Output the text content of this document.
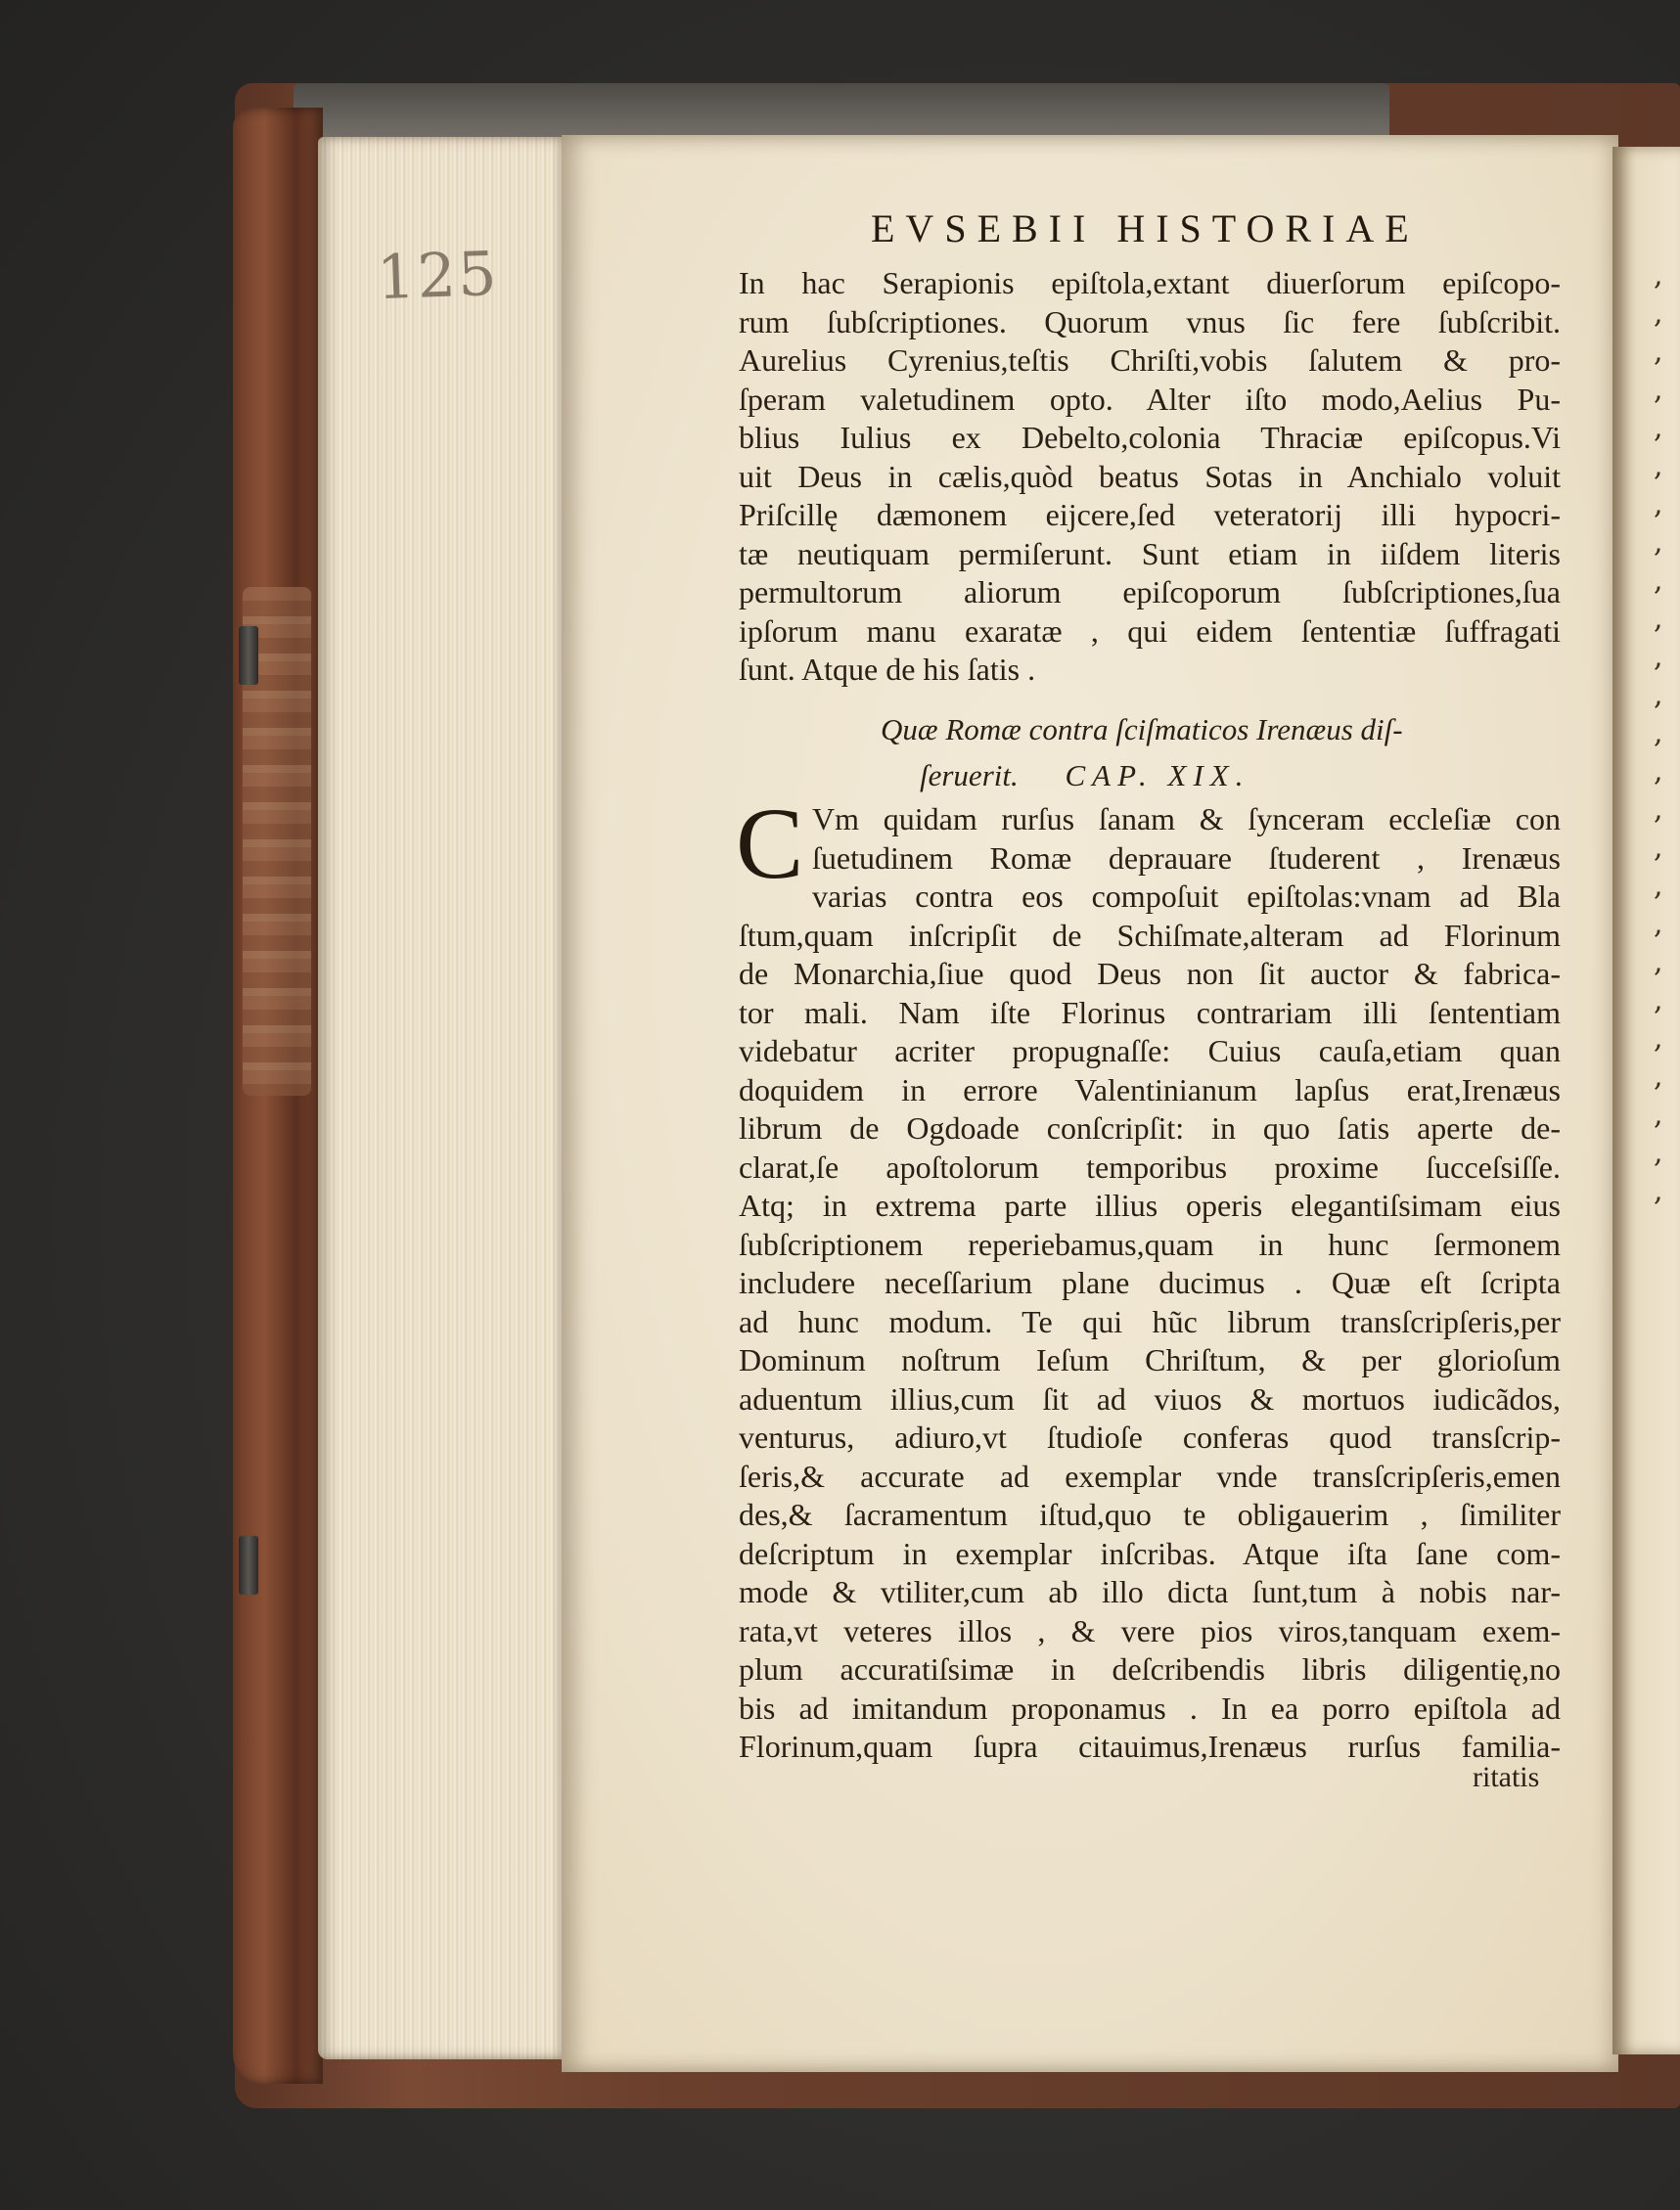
125	,
,
,
,
,
,
,
,
,
,
,
,
,
,
,
,
,
,
,
,
,
,
,
,
,
EVSEBII HISTORIAE
In hac Serapionis epiſtola,extant diuerſorum epiſcopo-
rum ſubſcriptiones. Quorum vnus ſic fere ſubſcribit.
Aurelius Cyrenius,teſtis Chriſti,vobis ſalutem & pro-
ſperam valetudinem opto. Alter iſto modo,Aelius Pu-
blius Iulius ex Debelto,colonia Thraciæ epiſcopus.Vi
uit Deus in cælis,quòd beatus Sotas in Anchialo voluit
Priſcillę dæmonem eijcere,ſed veteratorij illi hypocri-
tæ neutiquam permiſerunt. Sunt etiam in iiſdem literis
permultorum aliorum epiſcoporum ſubſcriptiones,ſua
ipſorum manu exaratæ , qui eidem ſententiæ ſuffragati
ſunt. Atque de his ſatis .
Quæ Romæ contra ſciſmaticos Irenæus diſ-
ſeruerit. CAP. XIX.
C Vm quidam rurſus ſanam & ſynceram eccleſiæ con
ſuetudinem Romæ deprauare ſtuderent , Irenæus
varias contra eos compoſuit epiſtolas:vnam ad Bla
ſtum,quam inſcripſit de Schiſmate,alteram ad Florinum
de Monarchia,ſiue quod Deus non ſit auctor & fabrica-
tor mali. Nam iſte Florinus contrariam illi ſententiam
videbatur acriter propugnaſſe: Cuius cauſa,etiam quan
doquidem in errore Valentinianum lapſus erat,Irenæus
librum de Ogdoade conſcripſit: in quo ſatis aperte de-
clarat,ſe apoſtolorum temporibus proxime ſucceſsiſſe.
Atq; in extrema parte illius operis elegantiſsimam eius
ſubſcriptionem reperiebamus,quam in hunc ſermonem
includere neceſſarium plane ducimus . Quæ eſt ſcripta
ad hunc modum. Te qui hũc librum transſcripſeris,per
Dominum noſtrum Ieſum Chriſtum, & per glorioſum
aduentum illius,cum ſit ad viuos & mortuos iudicãdos,
venturus, adiuro,vt ſtudioſe conferas quod transſcrip-
ſeris,& accurate ad exemplar vnde transſcripſeris,emen
des,& ſacramentum iſtud,quo te obligauerim , ſimiliter
deſcriptum in exemplar inſcribas. Atque iſta ſane com-
mode & vtiliter,cum ab illo dicta ſunt,tum à nobis nar-
rata,vt veteres illos , & vere pios viros,tanquam exem-
plum accuratiſsimæ in deſcribendis libris diligentię,no
bis ad imitandum proponamus . In ea porro epiſtola ad
Florinum,quam ſupra citauimus,Irenæus rurſus familia-
ritatis
